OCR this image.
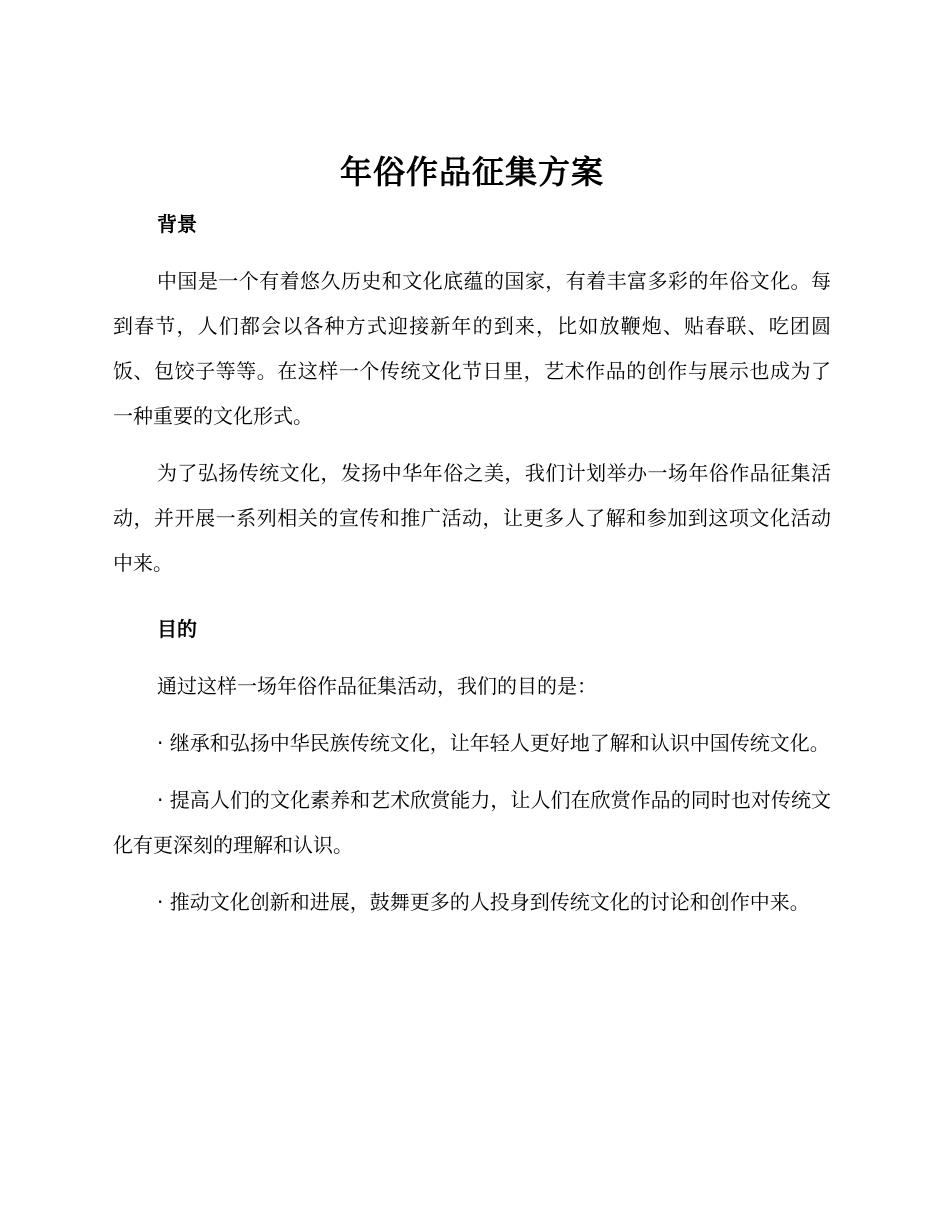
年俗作品征集方案
背景

中国是一个有着悠久历史和文化底蕴的国家，有着丰富多彩的年俗文化。每到春节，人们都会以各种方式迎接新年的到来，比如放鞭炮、贴春联、吃团圆饭、包饺子等等。在这样一个传统文化节日里，艺术作品的创作与展示也成为了一种重要的文化形式。

为了弘扬传统文化，发扬中华年俗之美，我们计划举办一场年俗作品征集活动，并开展一系列相关的宣传和推广活动，让更多人了解和参加到这项文化活动中来。

目的

通过这样一场年俗作品征集活动，我们的目的是：

· 继承和弘扬中华民族传统文化，让年轻人更好地了解和认识中国传统文化。

· 提高人们的文化素养和艺术欣赏能力，让人们在欣赏作品的同时也对传统文化有更深刻的理解和认识。

· 推动文化创新和进展，鼓舞更多的人投身到传统文化的讨论和创作中来。
